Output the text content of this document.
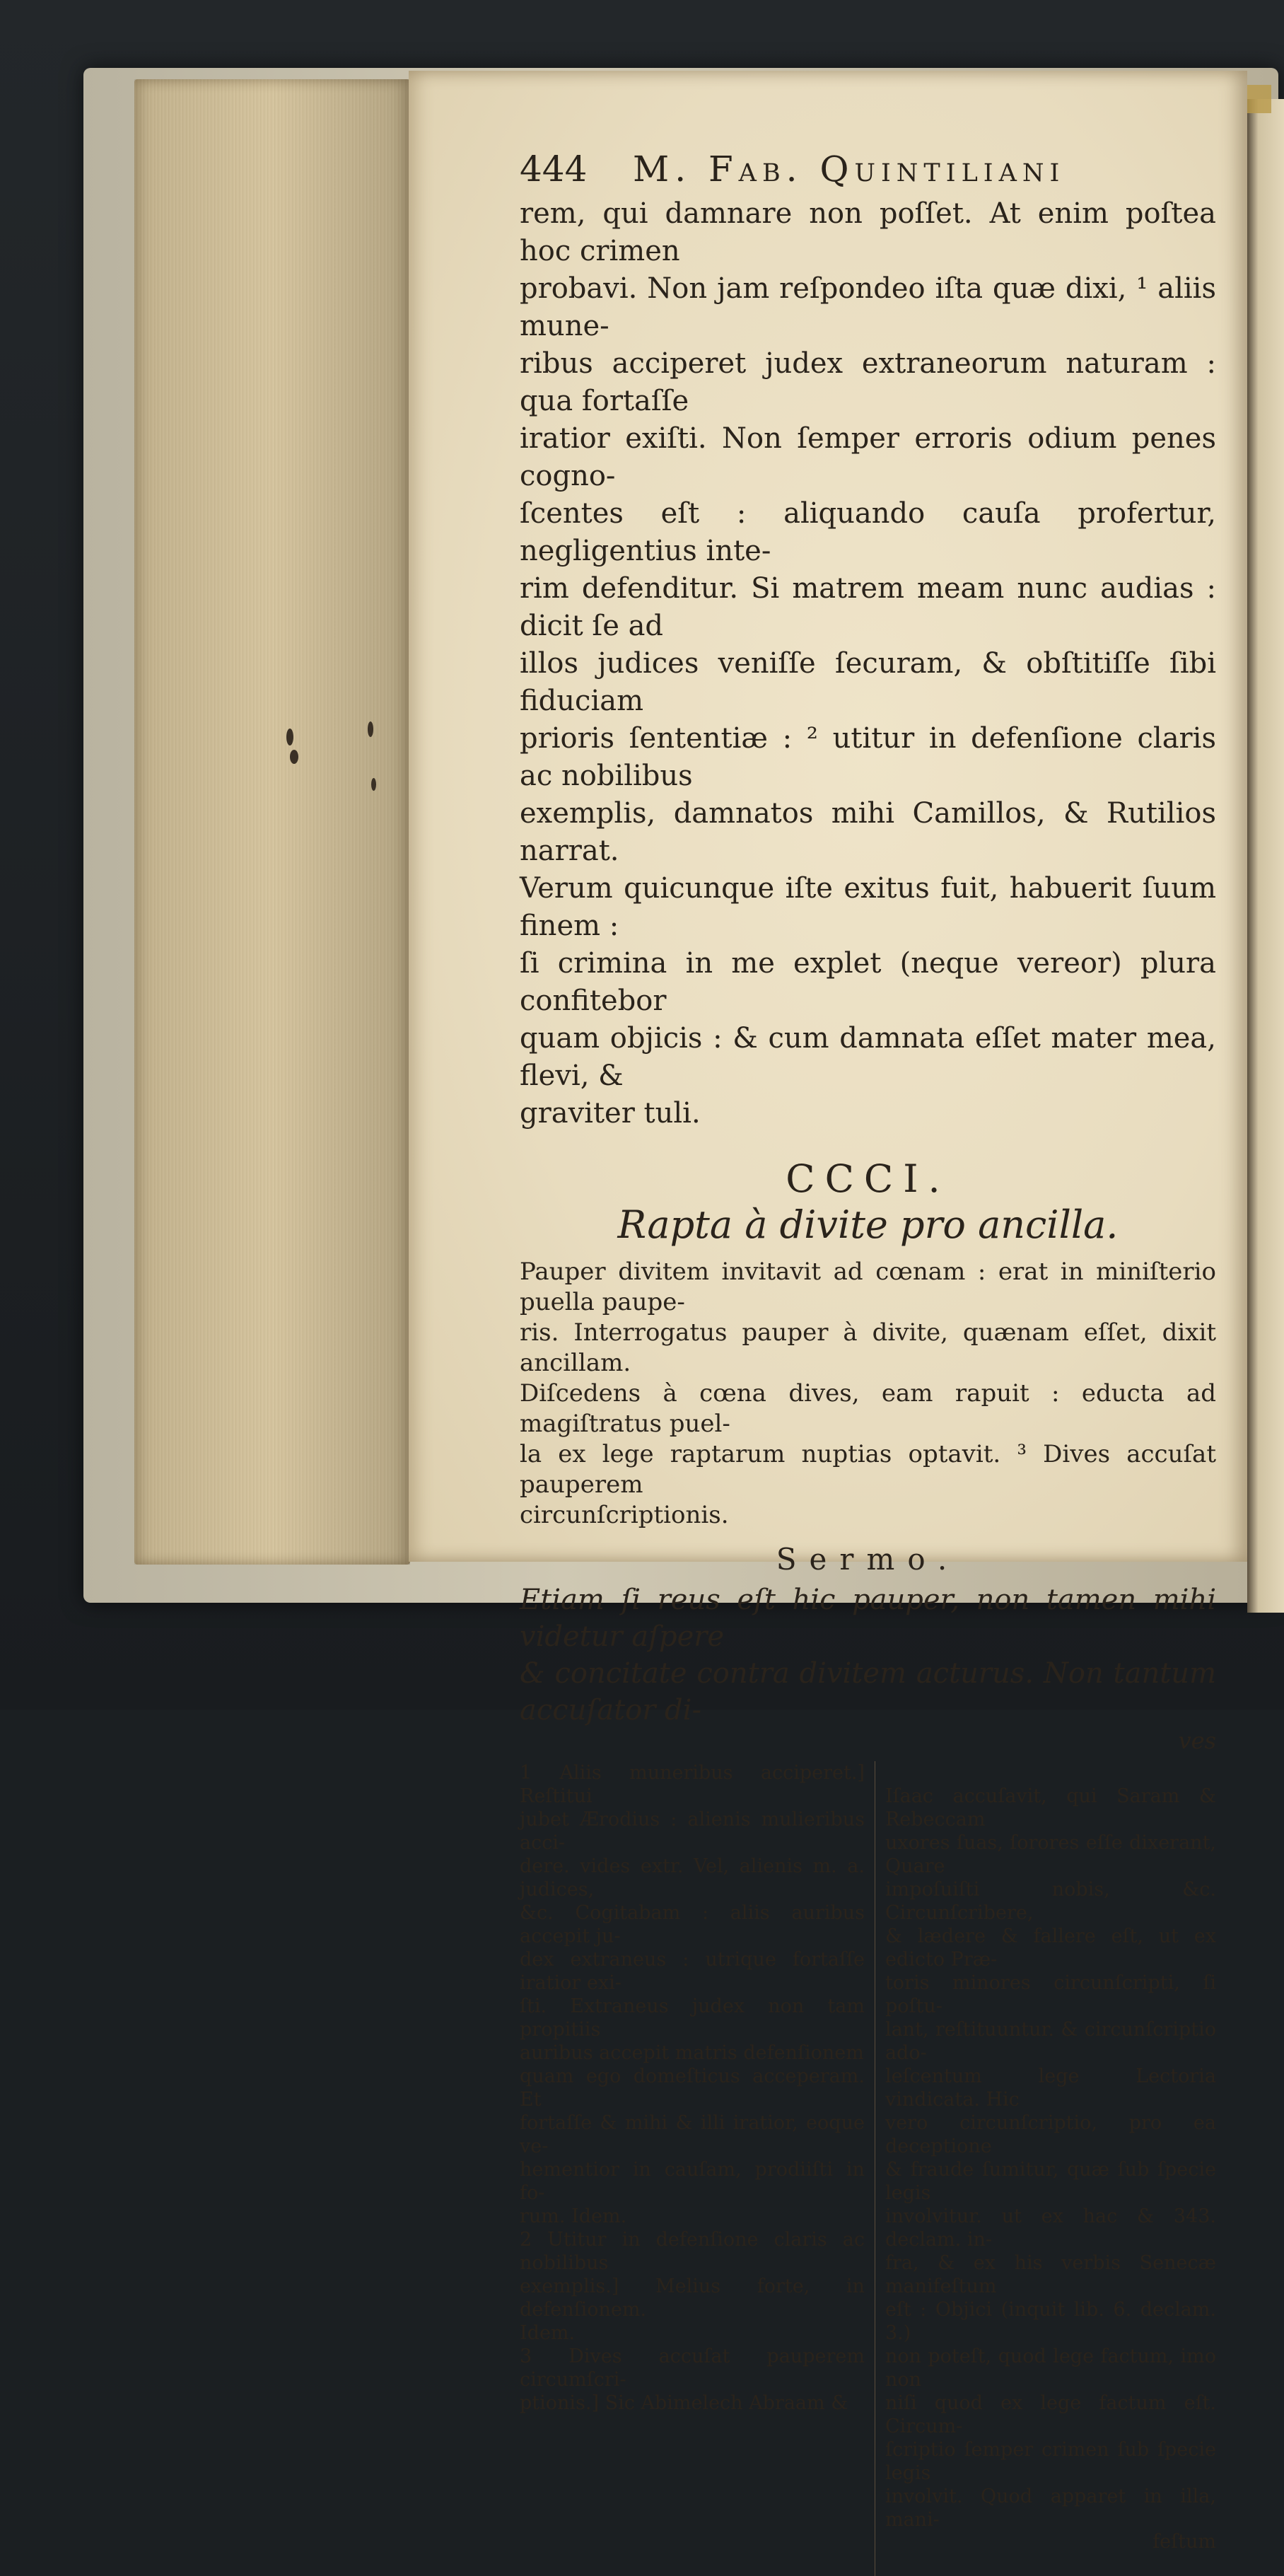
444	M. Fab. Quintiliani

rem, qui damnare non poſſet. At enim poſtea hoc crimen
probavi. Non jam reſpondeo iſta quæ dixi, ¹ aliis mune-
ribus acciperet judex extraneorum naturam : qua fortaſſe
iratior exiſti. Non ſemper erroris odium penes cogno-
ſcentes eſt : aliquando cauſa profertur, negligentius inte-
rim defenditur. Si matrem meam nunc audias : dicit ſe ad
illos judices veniſſe ſecuram, & obſtitiſſe ſibi fiduciam
prioris ſententiæ : ² utitur in defenſione claris ac nobilibus
exemplis, damnatos mihi Camillos, & Rutilios narrat.
Verum quicunque iſte exitus fuit, habuerit ſuum finem :
ſi crimina in me explet (neque vereor) plura confitebor
quam objicis : & cum damnata eſſet mater mea, flevi, &
graviter tuli.

CCCI.
Rapta à divite pro ancilla.

Pauper divitem invitavit ad cœnam : erat in miniſterio puella paupe-
ris. Interrogatus pauper à divite, quænam eſſet, dixit ancillam.
Diſcedens à cœna dives, eam rapuit : educta ad magiſtratus puel-
la ex lege raptarum nuptias optavit. ³ Dives accuſat pauperem
circunſcriptionis.

Sermo.

Etiam ſi reus eſt hic pauper, non tamen mihi videtur aſpere
& concitate contra divitem acturus. Non tantum accuſator di-

ves
1 Aliis muneribus acciperet.] Reſtitui
jubet Ærodius : alienis mulieribus acci-
dere. vides extr. Vel, alienis m. a. judices,
&c. Cogitabam : aliis auribus accepit ju-
dex extraneus : utrique fortaſſe iratior exi-
ſti. Extraneus judex non tam propitiis
auribus accepit matris defenſionem
quam ego domeſticus acceperam. Et
fortaſſe & mihi & illi iratior, eoque ve-
hementior in cauſam, prodiiſti in fo-
rum. Idem.
2 Utitur in defenſione claris ac nobilibus
exemplis.] Melius forte, in defenſionem.
Idem.
3 Dives accuſat pauperem circumſcri-
ptionis.] Sic Abimelech Abraam &

Iſaac accuſavit, qui Saram & Rebeccam
uxores ſuas, ſorores eſſe dixerant, Quare
impoſuiſti nobis, &c. Circunſcribere,
& lædere & fallere eſt, ut ex edicto Præ-
toris minores circunſcripti, ſi poſtu-
lant, reſtituuntur. & circunſcriptio ado-
leſcentum lege Lectoria vindicata. Hic
vero circunſcriptio, pro ea deceptione
& fraude ſumitur, quæ ſub ſpecie legis
involvitur. ut ex hac & 343. declam. in-
fra, & ex his verbis Senecæ manifeſtum
eſt : Objici (inquit lib. 6. declam. 3.)
non poteſt, quod lege factum, imo non
niſi quod ex lege factum eſt. Circum-
ſcriptio ſemper crimen ſub ſpecie legis
involvit. Quod apparet in illa, mani-

feſtum
